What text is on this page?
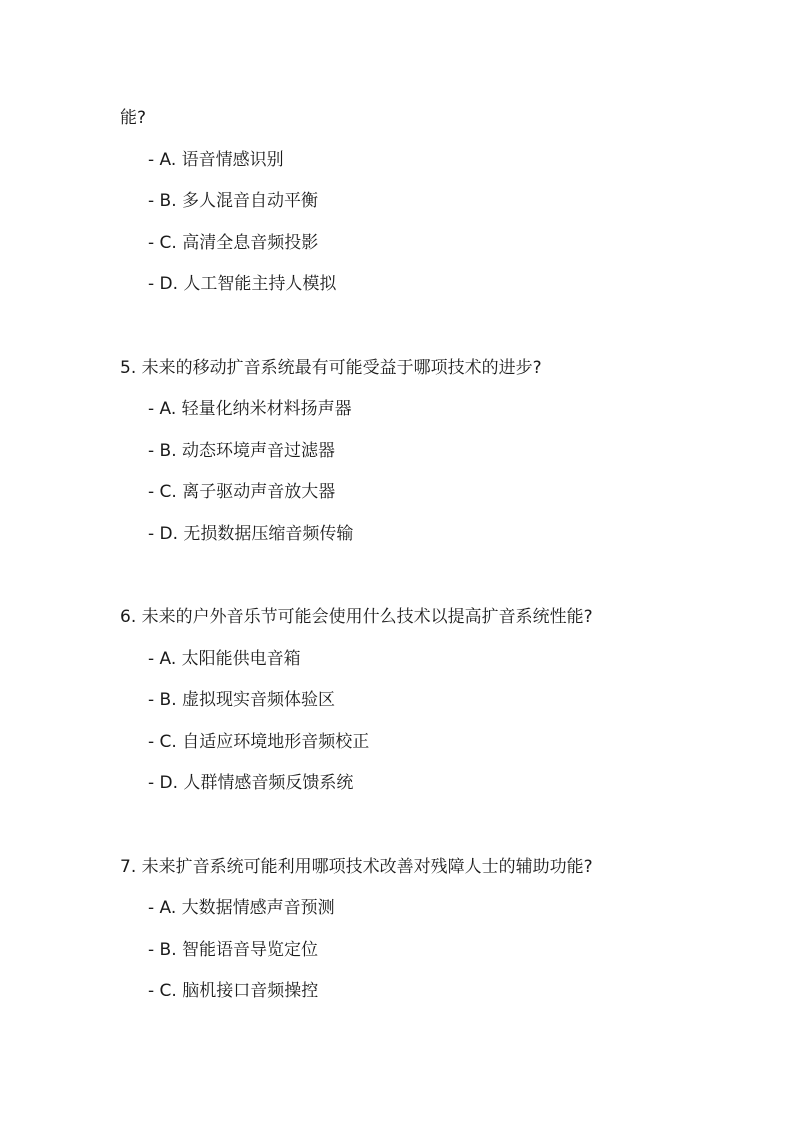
能?
- A. 语音情感识别
- B. 多人混音自动平衡
- C. 高清全息音频投影
- D. 人工智能主持人模拟
5. 未来的移动扩音系统最有可能受益于哪项技术的进步?
- A. 轻量化纳米材料扬声器
- B. 动态环境声音过滤器
- C. 离子驱动声音放大器
- D. 无损数据压缩音频传输
6. 未来的户外音乐节可能会使用什么技术以提高扩音系统性能?
- A. 太阳能供电音箱
- B. 虚拟现实音频体验区
- C. 自适应环境地形音频校正
- D. 人群情感音频反馈系统
7. 未来扩音系统可能利用哪项技术改善对残障人士的辅助功能?
- A. 大数据情感声音预测
- B. 智能语音导览定位
- C. 脑机接口音频操控
